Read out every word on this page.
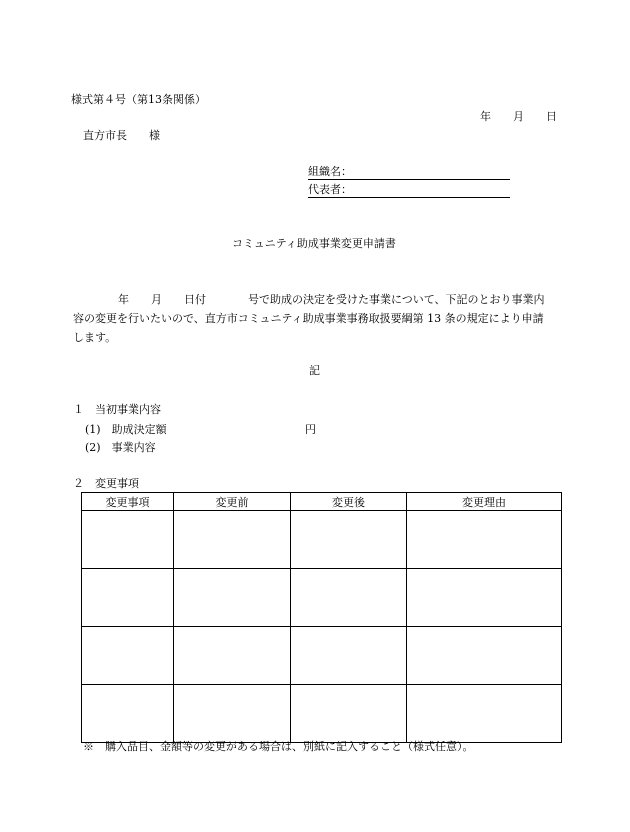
様式第４号（第13条関係）
年 月 日
直方市長 様
組織名：
代表者：
コミュニティ助成事業変更申請書
年 月 日付	号で助成の決定を受けた事業について、下記のとおり事業内
容の変更を行いたいので、直方市コミュニティ助成事業事務取扱要綱第 13 条の規定により申請
します。
記
１　当初事業内容
(1)　助成決定額	円
(2)　事業内容
２　変更事項
変更事項	変更前	変更後	変更理由

※　購入品目、金額等の変更がある場合は、別紙に記入すること（様式任意）。
